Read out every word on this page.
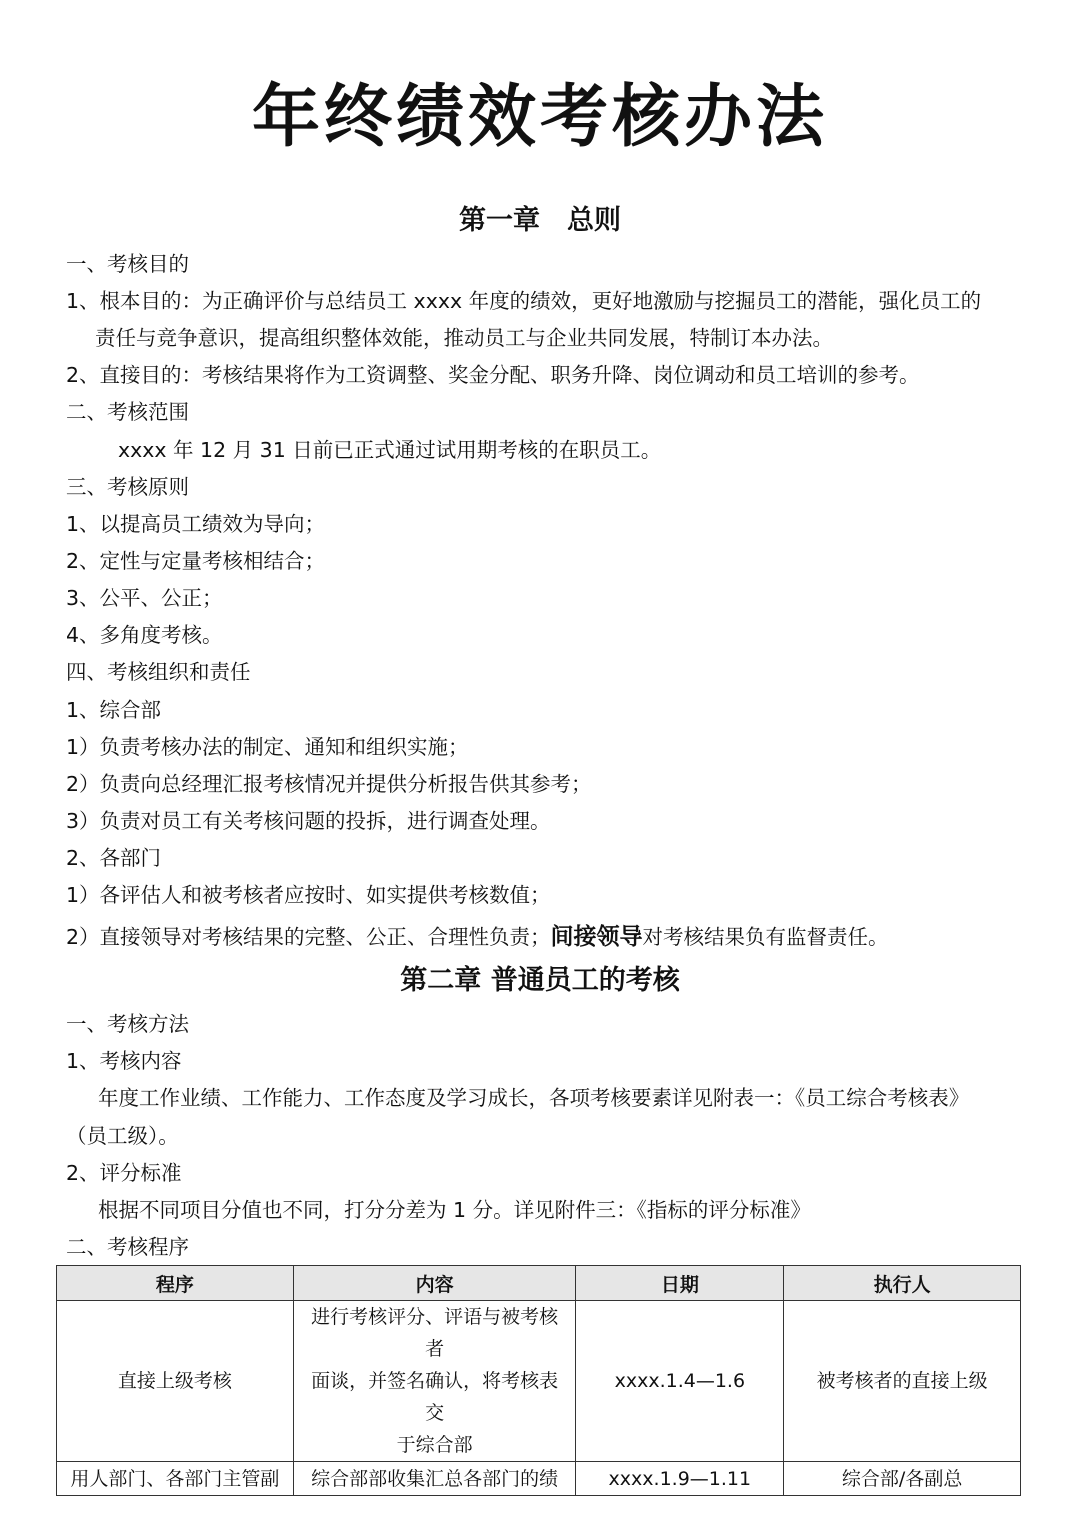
年终绩效考核办法
第一章　总则
一、考核目的
1、根本目的：为正确评价与总结员工 xxxx 年度的绩效，更好地激励与挖掘员工的潜能，强化员工的
责任与竞争意识，提高组织整体效能，推动员工与企业共同发展，特制订本办法。
2、直接目的：考核结果将作为工资调整、奖金分配、职务升降、岗位调动和员工培训的参考。
二、考核范围
xxxx 年 12 月 31 日前已正式通过试用期考核的在职员工。
三、考核原则
1、以提高员工绩效为导向；
2、定性与定量考核相结合；
3、公平、公正；
4、多角度考核。
四、考核组织和责任
1、综合部
1）负责考核办法的制定、通知和组织实施；
2）负责向总经理汇报考核情况并提供分析报告供其参考；
3）负责对员工有关考核问题的投拆，进行调查处理。
2、各部门
1）各评估人和被考核者应按时、如实提供考核数值；
2）直接领导对考核结果的完整、公正、合理性负责；间接领导对考核结果负有监督责任。
第二章 普通员工的考核
一、考核方法
1、考核内容
年度工作业绩、工作能力、工作态度及学习成长，各项考核要素详见附表一：《员工综合考核表》
（员工级）。
2、评分标准
根据不同项目分值也不同，打分分差为 1 分。详见附件三：《指标的评分标准》
二、考核程序
程序	内容	日期	执行人
直接上级考核	进行考核评分、评语与被考核者
面谈，并签名确认，将考核表交
于综合部	xxxx.1.4—1.6	被考核者的直接上级
用人部门、各部门主管副	综合部部收集汇总各部门的绩	xxxx.1.9—1.11	综合部/各副总
